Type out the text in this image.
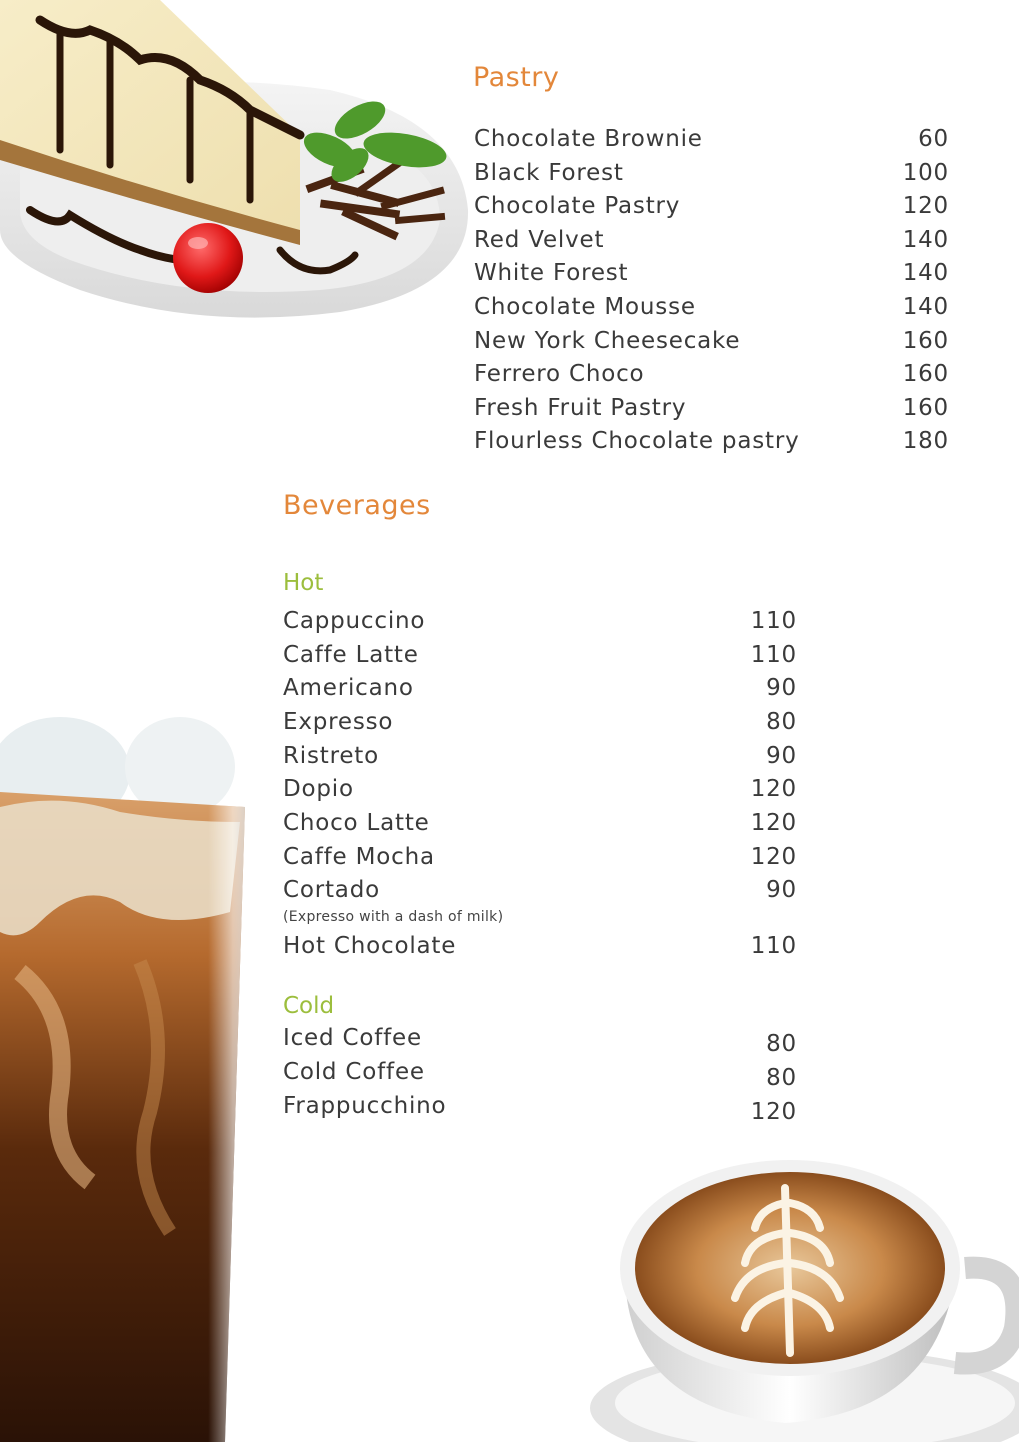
Pastry
Chocolate Brownie	60
Black Forest	100
Chocolate Pastry	120
Red Velvet	140
White Forest	140
Chocolate Mousse	140
New York Cheesecake	160
Ferrero Choco	160
Fresh Fruit Pastry	160
Flourless Chocolate pastry	180
Beverages
Hot
Cappuccino	110
Caffe Latte	110
Americano	90
Expresso	80
Ristreto	90
Dopio	120
Choco Latte	120
Caffe Mocha	120
Cortado	90
(Expresso with a dash of milk)
Hot Chocolate	110
Cold
Iced Coffee	80
Cold Coffee	80
Frappucchino	120
